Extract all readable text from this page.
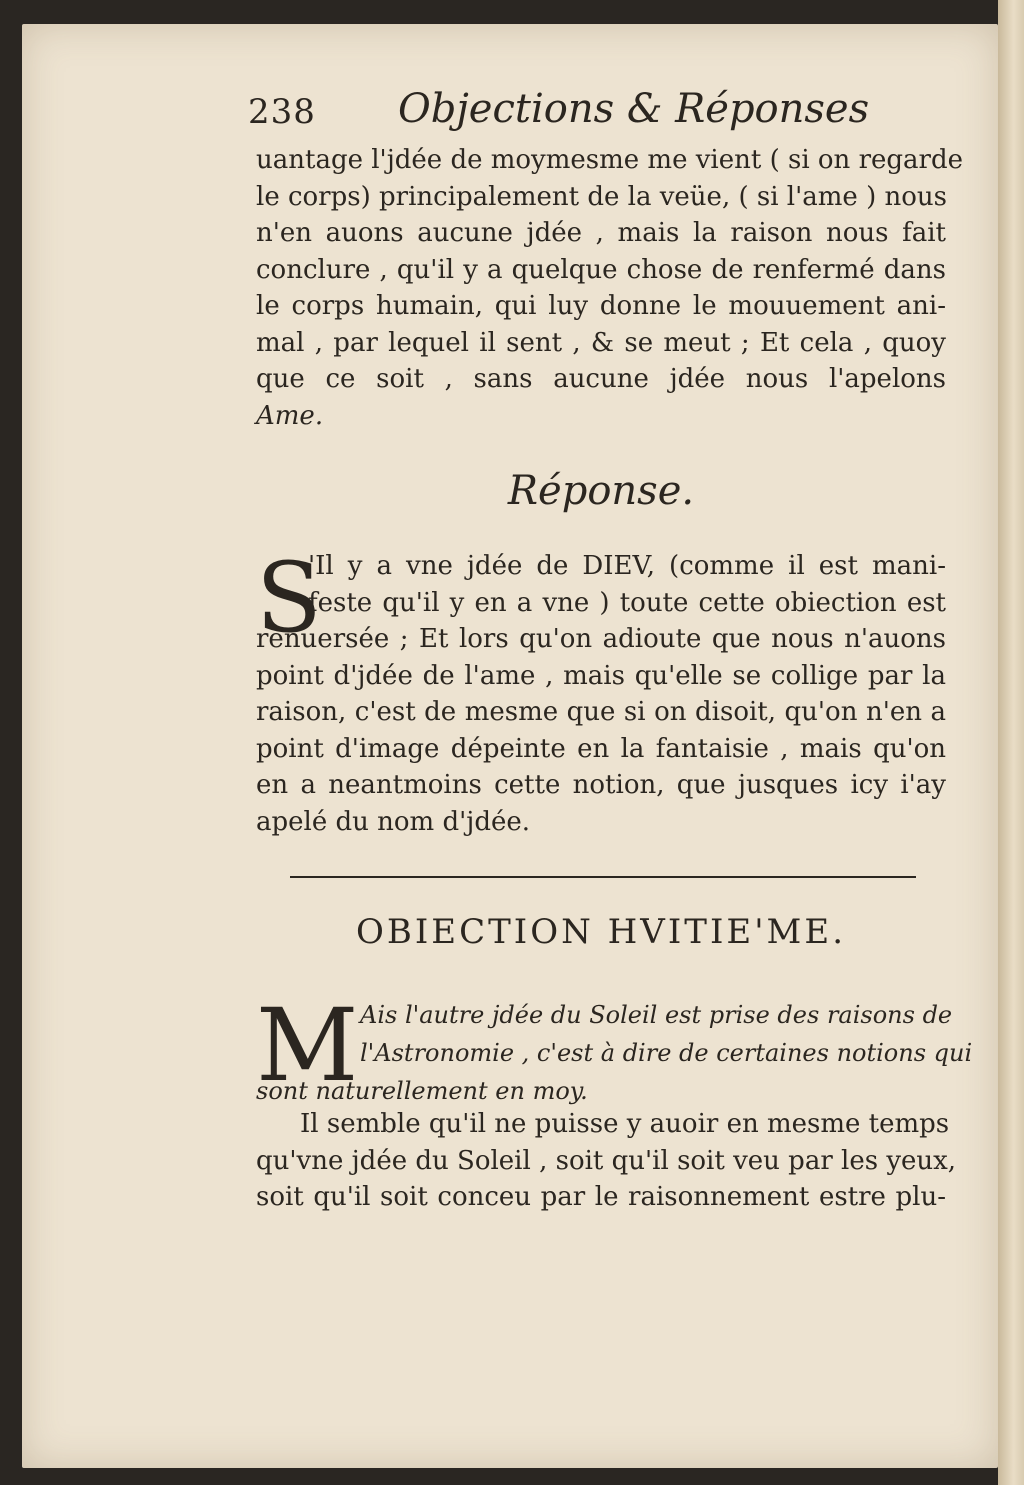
238 Objections & Réponses
uantage l'jdée de moymesme me vient ( si on regarde
le corps) principalement de la veüe, ( si l'ame ) nous
n'en auons aucune jdée , mais la raison nous fait
conclure , qu'il y a quelque chose de renfermé dans
le corps humain, qui luy donne le mouuement ani-
mal , par lequel il sent , & se meut ; Et cela , quoy
que ce soit , sans aucune jdée nous l'apelons
Ame.
Réponse.
S
'Il y a vne jdée de DIEV, (comme il est mani-
feste qu'il y en a vne ) toute cette obiection est
renuersée ; Et lors qu'on adioute que nous n'auons
point d'jdée de l'ame , mais qu'elle se collige par la
raison, c'est de mesme que si on disoit, qu'on n'en a
point d'image dépeinte en la fantaisie , mais qu'on
en a neantmoins cette notion, que jusques icy i'ay
apelé du nom d'jdée.
OBIECTION HVITIE'ME.
M Ais l'autre jdée du Soleil est prise des raisons de
l'Astronomie , c'est à dire de certaines notions qui
sont naturellement en moy.
Il semble qu'il ne puisse y auoir en mesme temps
qu'vne jdée du Soleil , soit qu'il soit veu par les yeux,
soit qu'il soit conceu par le raisonnement estre plu-
